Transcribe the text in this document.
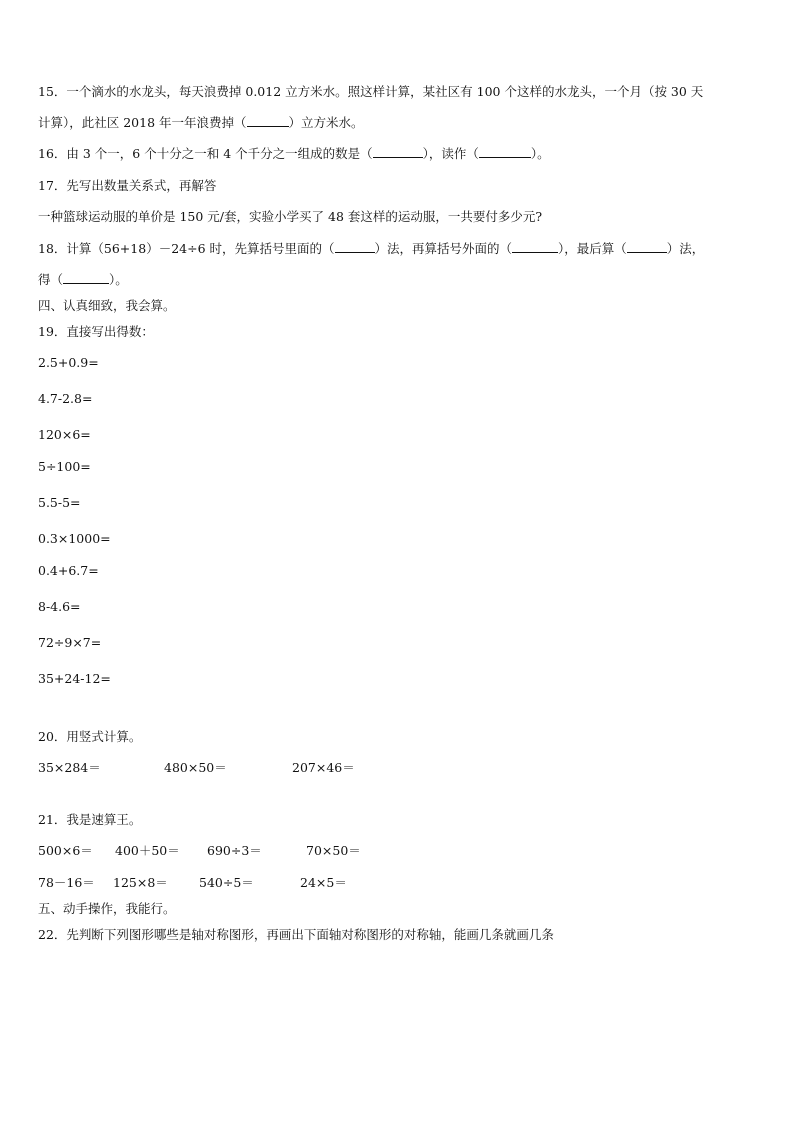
15．一个滴水的水龙头，每天浪费掉 0.012 立方米水。照这样计算，某社区有 100 个这样的水龙头，一个月（按 30 天
计算），此社区 2018 年一年浪费掉（	）立方米水。
16．由 3 个一，6 个十分之一和 4 个千分之一组成的数是（	），读作（	）。
17．先写出数量关系式，再解答
一种篮球运动服的单价是 150 元/套，实验小学买了 48 套这样的运动服，一共要付多少元?
18．计算（56+18）－24÷6 时，先算括号里面的（	）法，再算括号外面的（	），最后算（	）法，
得（	）。
四、认真细致，我会算。
19．直接写出得数：
2.5+0.9=
4.7-2.8=
120×6=
5÷100=
5.5-5=
0.3×1000=
0.4+6.7=
8-4.6=
72÷9×7=
35+24-12=
20．用竖式计算。
35×284＝	480×50＝	207×46＝
21．我是速算王。
500×6＝ 400＋50＝ 690÷3＝	70×50＝
78－16＝ 125×8＝ 540÷5＝	24×5＝
五、动手操作，我能行。
22．先判断下列图形哪些是轴对称图形，再画出下面轴对称图形的对称轴，能画几条就画几条
